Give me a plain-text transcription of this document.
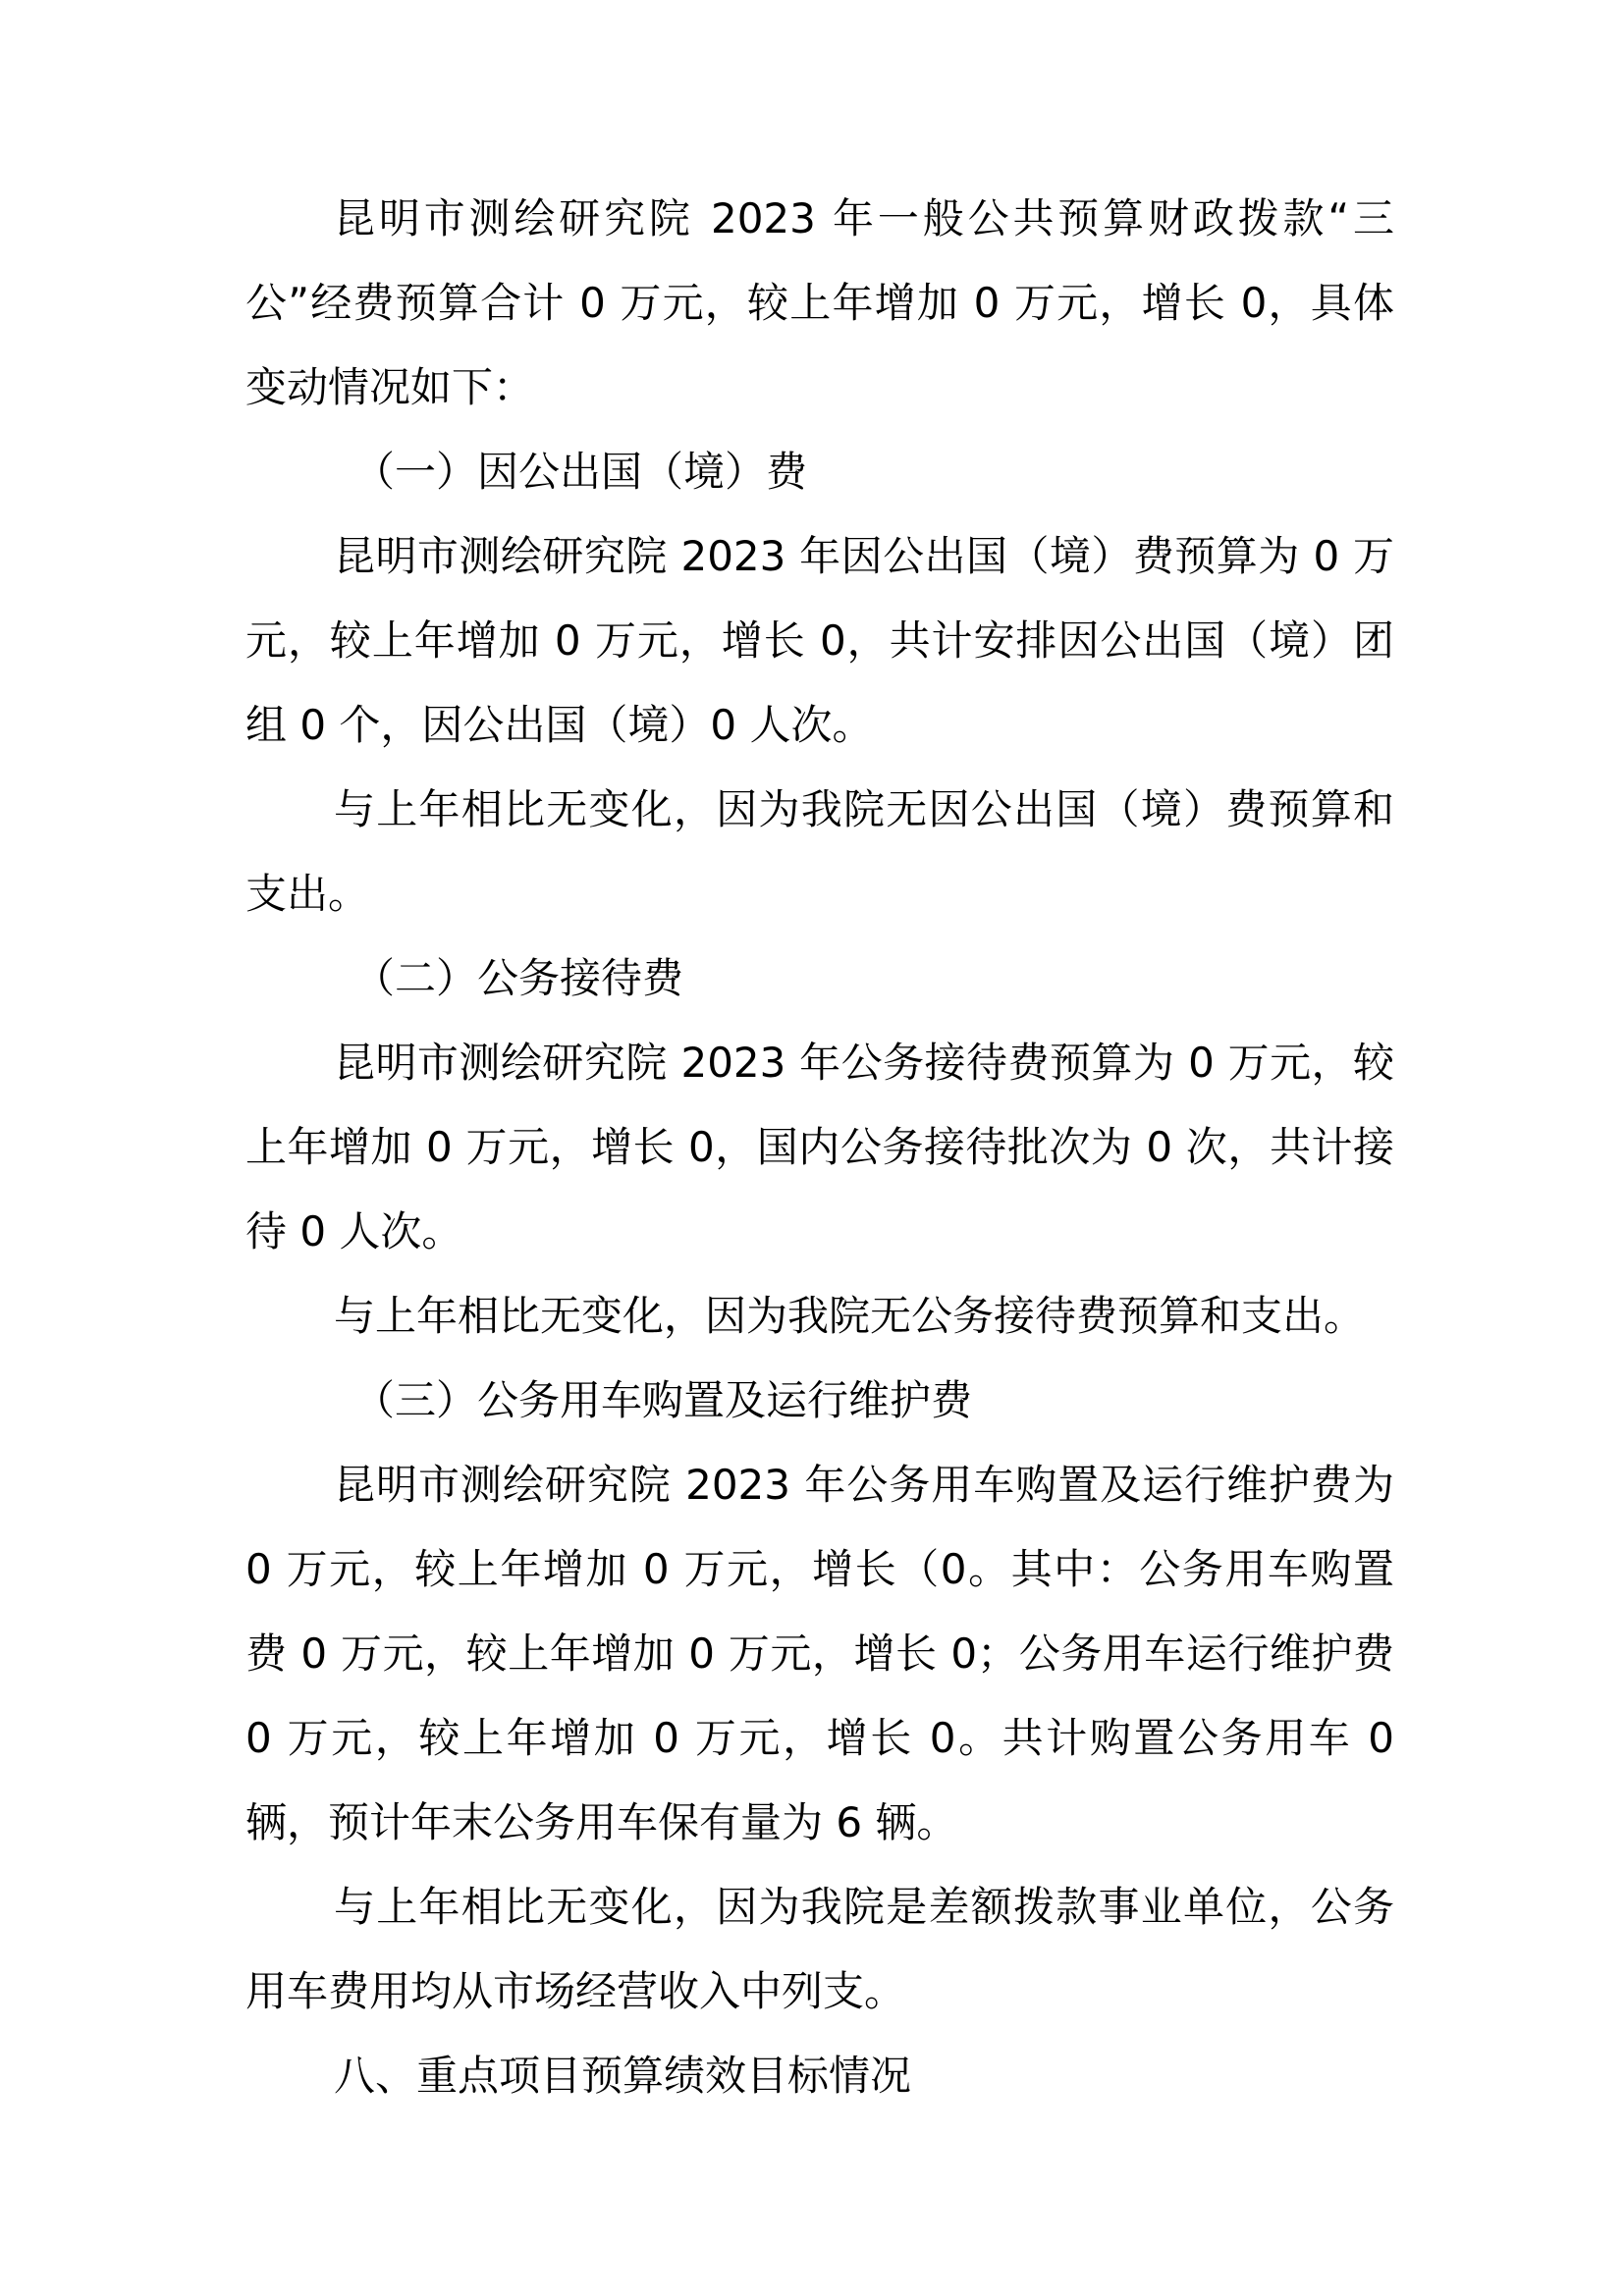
昆明市测绘研究院 2023 年一般公共预算财政拨款“三公”经费预算合计 0 万元，较上年增加 0 万元，增长 0，具体变动情况如下：

（一）因公出国（境）费

昆明市测绘研究院 2023 年因公出国（境）费预算为 0 万元，较上年增加 0 万元，增长 0，共计安排因公出国（境）团组 0 个，因公出国（境）0 人次。

与上年相比无变化，因为我院无因公出国（境）费预算和支出。

（二）公务接待费

昆明市测绘研究院 2023 年公务接待费预算为 0 万元，较上年增加 0 万元，增长 0，国内公务接待批次为 0 次，共计接待 0 人次。

与上年相比无变化，因为我院无公务接待费预算和支出。

（三）公务用车购置及运行维护费

昆明市测绘研究院 2023 年公务用车购置及运行维护费为 0 万元，较上年增加 0 万元，增长（0。其中：公务用车购置费 0 万元，较上年增加 0 万元，增长 0；公务用车运行维护费 0 万元，较上年增加 0 万元，增长 0。共计购置公务用车 0 辆，预计年末公务用车保有量为 6 辆。

与上年相比无变化，因为我院是差额拨款事业单位，公务用车费用均从市场经营收入中列支。

八、重点项目预算绩效目标情况
